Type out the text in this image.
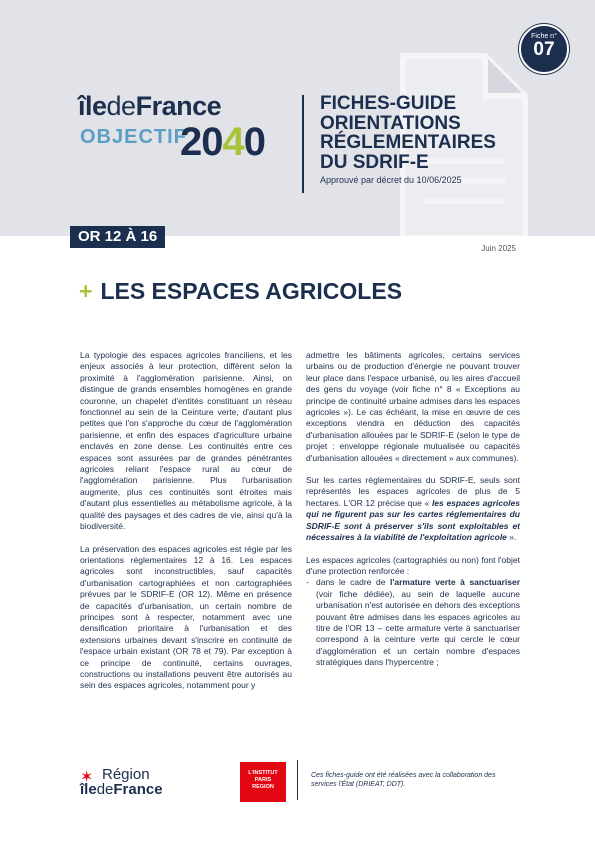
Fiche n°
07
îledeFrance
OBJECTIF
2040
FICHES-GUIDE
ORIENTATIONS
RÉGLEMENTAIRES
DU SDRIF-E
Approuvé par décret du 10/06/2025
OR 12 À 16
Juin 2025
+ LES ESPACES AGRICOLES

La typologie des espaces agricoles franciliens, et les enjeux associés à leur protection, diffèrent selon la proximité à l'agglomération parisienne. Ainsi, on distingue de grands ensembles homogènes en grande couronne, un chapelet d'entités constituant un réseau fonctionnel au sein de la Ceinture verte, d'autant plus petites que l'on s'approche du cœur de l'agglomération parisienne, et enfin des espaces d'agriculture urbaine enclavés en zone dense. Les continuités entre ces espaces sont assurées par de grandes pénétrantes agricoles reliant l'espace rural au cœur de l'agglomération parisienne. Plus l'urbanisation augmente, plus ces continuités sont étroites mais d'autant plus essentielles au métabolisme agricole, à la qualité des paysages et des cadres de vie, ainsi qu'à la biodiversité.

La préservation des espaces agricoles est régie par les orientations réglementaires 12 à 16. Les espaces agricoles sont inconstructibles, sauf capacités d'urbanisation cartographiées et non cartographiées prévues par le SDRIF-E (OR 12). Même en présence de capacités d'urbanisation, un certain nombre de principes sont à respecter, notamment avec une densification prioritaire à l'urbanisation et des extensions urbaines devant s'inscrire en continuité de l'espace urbain existant (OR 78 et 79). Par exception à ce principe de continuité, certains ouvrages, constructions ou installations peuvent être autorisés au sein des espaces agricoles, notamment pour y

admettre les bâtiments agricoles, certains services urbains ou de production d'énergie ne pouvant trouver leur place dans l'espace urbanisé, ou les aires d'accueil des gens du voyage (voir fiche n° 8 « Exceptions au principe de continuité urbaine admises dans les espaces agricoles »). Le cas échéant, la mise en œuvre de ces exceptions viendra en déduction des capacités d'urbanisation allouées par le SDRIF-E (selon le type de projet : enveloppe régionale mutualisée ou capacités d'urbanisation allouées « directement » aux communes).

Sur les cartes réglementaires du SDRIF-E, seuls sont représentés les espaces agricoles de plus de 5 hectares. L'OR 12 précise que « les espaces agricoles qui ne figurent pas sur les cartes réglementaires du SDRIF-E sont à préserver s'ils sont exploitables et nécessaires à la viabilité de l'exploitation agricole ».

Les espaces agricoles (cartographiés ou non) font l'objet d'une protection renforcée :

- dans le cadre de l'armature verte à sanctuariser (voir fiche dédiée), au sein de laquelle aucune urbanisation n'est autorisée en dehors des exceptions pouvant être admises dans les espaces agricoles au titre de l'OR 13 – cette armature verte à sanctuariser correspond à la ceinture verte qui cercle le cœur d'agglomération et un certain nombre d'espaces stratégiques dans l'hypercentre ;
✶ Région
îledeFrance
L'INSTITUT
PARIS
REGION
Ces fiches-guide ont été réalisées avec la collaboration des services l'État (DRIEAT, DDT).
